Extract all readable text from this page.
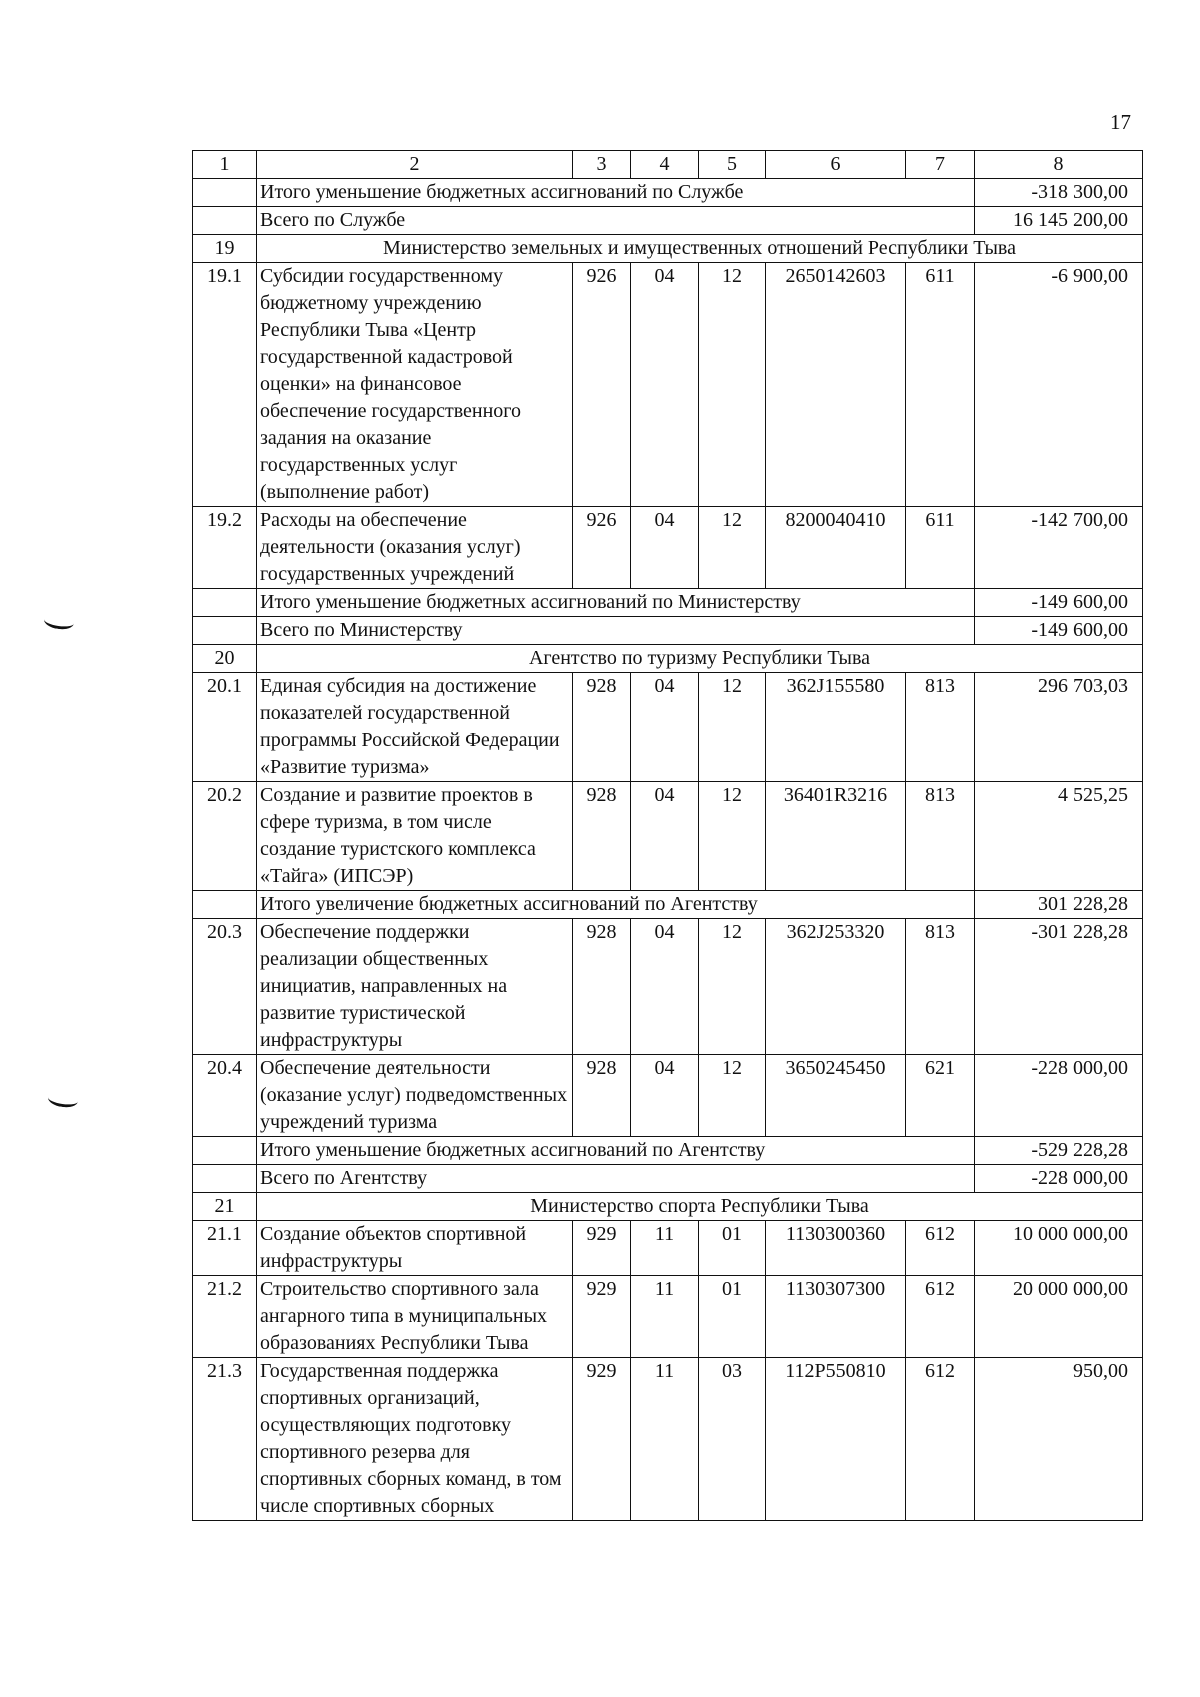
17
1	2	3	4	5	6	7	8
	Итого уменьшение бюджетных ассигнований по Службе						-318 300,00
	Всего по Службе						16 145 200,00
19	Министерство земельных и имущественных отношений Республики Тыва						
19.1	Субсидии государственному бюджетному учреждению Республики Тыва «Центр государственной кадастровой оценки» на финансовое обеспечение государственного задания на оказание государственных услуг (выполнение работ)	926	04	12	2650142603	611	-6 900,00
19.2	Расходы на обеспечение деятельности (оказания услуг) государственных учреждений	926	04	12	8200040410	611	-142 700,00
	Итого уменьшение бюджетных ассигнований по Министерству						-149 600,00
	Всего по Министерству						-149 600,00
20	Агентство по туризму Республики Тыва						
20.1	Единая субсидия на достижение показателей государственной программы Российской Федерации «Развитие туризма»	928	04	12	362J155580	813	296 703,03
20.2	Создание и развитие проектов в сфере туризма, в том числе создание туристского комплекса «Тайга» (ИПСЭР)	928	04	12	36401R3216	813	4 525,25
	Итого увеличение бюджетных ассигнований по Агентству						301 228,28
20.3	Обеспечение поддержки реализации общественных инициатив, направленных на развитие туристической инфраструктуры	928	04	12	362J253320	813	-301 228,28
20.4	Обеспечение деятельности (оказание услуг) подведомственных учреждений туризма	928	04	12	3650245450	621	-228 000,00
	Итого уменьшение бюджетных ассигнований по Агентству						-529 228,28
	Всего по Агентству						-228 000,00
21	Министерство спорта Республики Тыва						
21.1	Создание объектов спортивной инфраструктуры	929	11	01	1130300360	612	10 000 000,00
21.2	Строительство спортивного зала ангарного типа в муниципальных образованиях Республики Тыва	929	11	01	1130307300	612	20 000 000,00
21.3	Государственная поддержка спортивных организаций, осуществляющих подготовку спортивного резерва для спортивных сборных команд, в том числе спортивных сборных	929	11	03	112P550810	612	950,00
